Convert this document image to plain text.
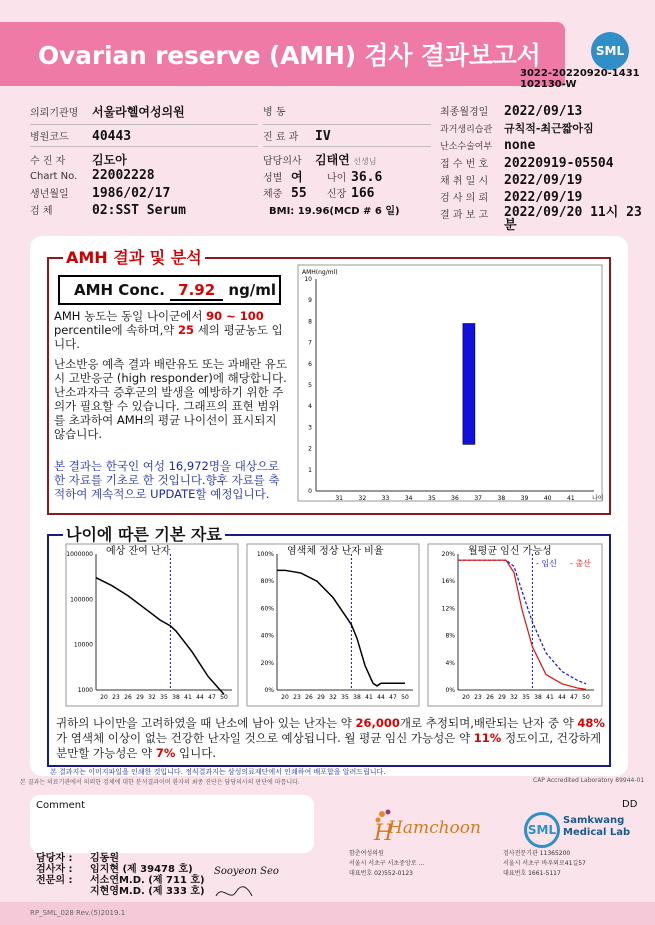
Ovarian reserve (AMH) 검사 결과보고서	SML
3022-20220920-1431
102130-W
의뢰기관명 서울라헬여성의원
병원코드 40443
수 진 자 김도아
Chart No. 22002228
생년월일 1986/02/17
검 체	02:SST Serum
병 동
진 료 과 IV
담당의사 김태연 선생님
성별 여 나이 36.6
체중 55 신장 166
BMI: 19.96(MCD # 6 일)
최종월경일 2022/09/13
과거생리습관 규칙적-최근짧아짐
난소수술여부 none
접 수 번 호 20220919-05504
채 취 일 시 2022/09/19
검 사 의 뢰 2022/09/19
결 과 보 고	2022/09/20 11시 23분
AMH 결과 및 분석
AMH Conc. 7.92 ng/ml
AMH 농도는 동일 나이군에서 90 ~ 100 percentile에 속하며,약 25 세의 평균농도 입니다.
난소반응 예측 결과 배란유도 또는 과배란 유도시 고반응군 (high responder)에 해당합니다. 난소과자극 증후군의 발생을 예방하기 위한 주의가 필요할 수 있습니다. 그래프의 표현 범위를 초과하여 AMH의 평균 나이선이 표시되지 않습니다.
본 결과는 한국인 여성 16,972명을 대상으로 한 자료를 기초로 한 것입니다.향후 자료를 축적하여 계속적으로 UPDATE할 예정입니다.
AMH(ng/ml)
0
1
2
3
4
5
6
7
8
9
10
31	32	33	34	35	36	37	38	39	40	41	나이
나이에 따른 기본 자료
예상 잔여 난자
1000000
100000
10000
1000
20 23 26 29 32 35 38 41 44 47 50
염색체 정상 난자 비율
100%
80%
60%
40%
20%
0%
20 23 26 29 32 35 38 41 44 47 50
월평균 임신 가능성
20%
16%
12%
8%
4%
0%
20 23 26 29 32 35 38 41 44 47 50
- 임신 - 출산
귀하의 나이만을 고려하였을 때 난소에 남아 있는 난자는 약 26,000개로 추정되며,배란되는 난자 중 약 48%가 염색체 이상이 없는 건강한 난자일 것으로 예상됩니다. 월 평균 임신 가능성은 약 11% 정도이고, 건강하게 분만할 가능성은 약 7% 입니다.
본 결과지는 이미지파일을 인쇄한 것입니다. 정식결과지는 삼성의료재단에서 인쇄하여 배포합을 알려드립니다.
본 결과는 의료기관에서 의뢰한 검체에 대한 분석결과이며 환자의 최종 진단은 담당의사의 판단에 따릅니다.	CAP Accredited Laboratory 89944-01
Comment	DD
담당자 : 김동원
검사자 : 임지현 (제 39478 호)
전문의 : 서소연M.D. (제 711 호)
지현영M.D. (제 333 호)
Sooyeon Seo
H
Hamchoon
함춘여성의원
서울시 서초구 서초중앙로 ...
대표번호 02)552-0123
SML
Samkwang
Medical Lab
검사전문기관 11365200
서울시 서초구 바우뫼로41길57
대표번호 1661-5117
RP_SML_028 Rev.(5)2019.1
